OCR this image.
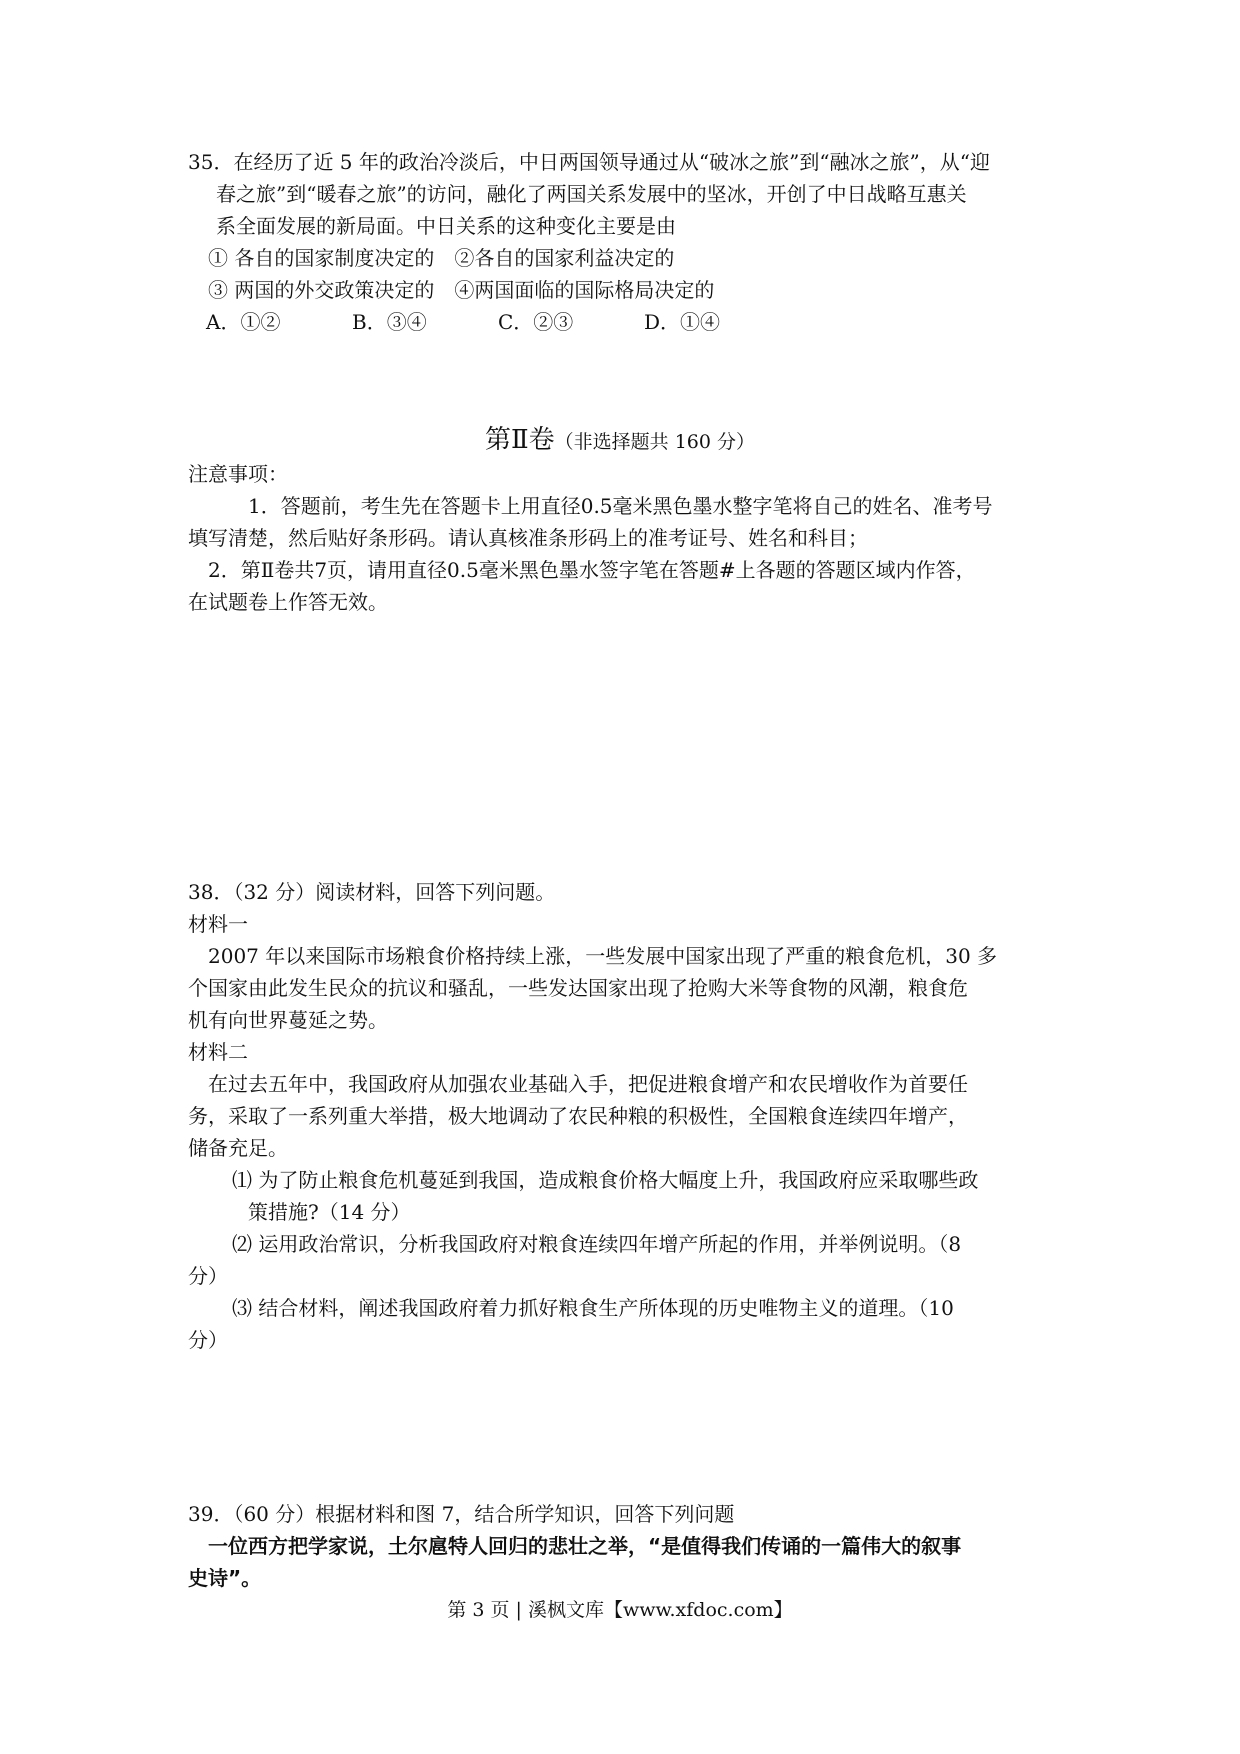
35．在经历了近 5 年的政治冷淡后，中日两国领导通过从“破冰之旅”到“融冰之旅”，从“迎
春之旅”到“暖春之旅”的访问，融化了两国关系发展中的坚冰，开创了中日战略互惠关
系全面发展的新局面。中日关系的这种变化主要是由
① 各自的国家制度决定的　②各自的国家利益决定的
③ 两国的外交政策决定的　④两国面临的国际格局决定的
A．①②	B．③④	C．②③	D．①④
第Ⅱ卷（非选择题共 160 分）
注意事项：
1．答题前，考生先在答题卡上用直径0.5毫米黑色墨水整字笔将自己的姓名、准考号
填写清楚，然后贴好条形码。请认真核准条形码上的准考证号、姓名和科目；
2．第Ⅱ卷共7页，请用直径0.5毫米黑色墨水签字笔在答题#上各题的答题区域内作答，
在试题卷上作答无效。
38．（32 分）阅读材料，回答下列问题。
材料一
2007 年以来国际市场粮食价格持续上涨，一些发展中国家出现了严重的粮食危机，30 多
个国家由此发生民众的抗议和骚乱，一些发达国家出现了抢购大米等食物的风潮，粮食危
机有向世界蔓延之势。
材料二
在过去五年中，我国政府从加强农业基础入手，把促进粮食增产和农民增收作为首要任
务，采取了一系列重大举措，极大地调动了农民种粮的积极性，全国粮食连续四年增产，
储备充足。
⑴ 为了防止粮食危机蔓延到我国，造成粮食价格大幅度上升，我国政府应采取哪些政
策措施?（14 分）
⑵ 运用政治常识，分析我国政府对粮食连续四年增产所起的作用，并举例说明。（8
分）
⑶ 结合材料，阐述我国政府着力抓好粮食生产所体现的历史唯物主义的道理。（10
分）
39．（60 分）根据材料和图 7，结合所学知识，回答下列问题
一位西方把学家说，土尔扈特人回归的悲壮之举，“是值得我们传诵的一篇伟大的叙事
史诗”。
第 3 页 | 溪枫文库【www.xfdoc.com】
